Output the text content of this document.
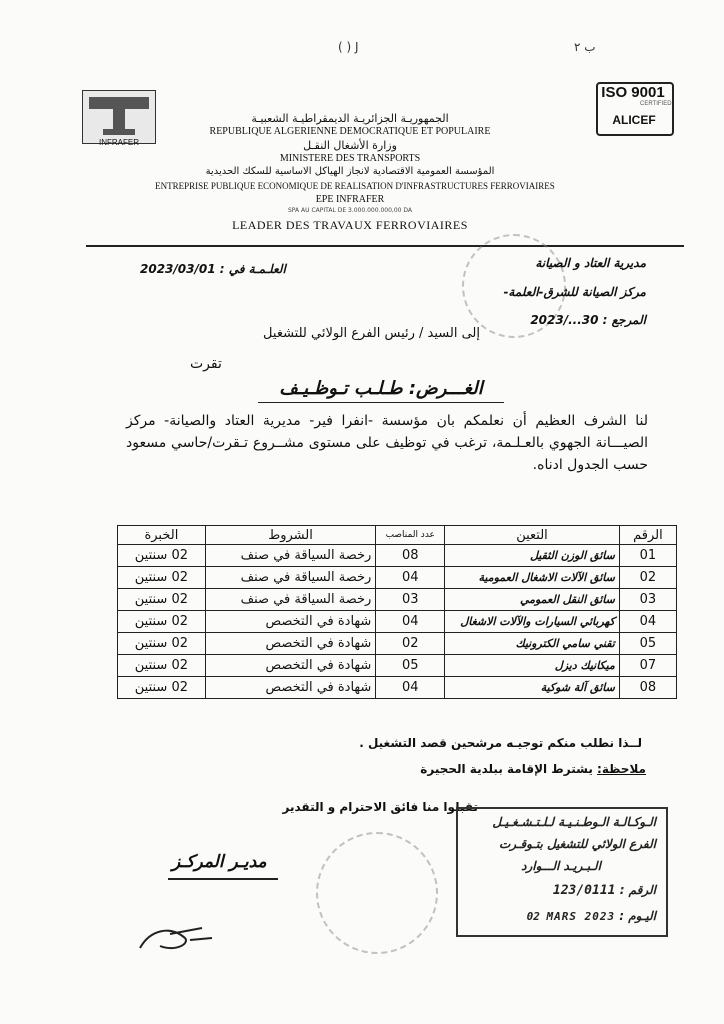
( ) J	ب ۲
INFRAFER
ISO 9001
CERTIFIED
ALICEF
الجمهوريـة الجزائريـة الديمقراطيـة الشعبيـة
REPUBLIQUE ALGERIENNE DEMOCRATIQUE ET POPULAIRE
وزارة الأشغال النقـل
MINISTERE DES TRANSPORTS
المؤسسة العمومية الاقتصادية لانجاز الهياكل الاساسية للسكك الحديدية
ENTREPRISE PUBLIQUE ECONOMIQUE DE REALISATION D'INFRASTRUCTURES FERROVIAIRES
EPE INFRAFER
SPA AU CAPITAL DE 3.000.000.000,00 DA
LEADER DES TRAVAUX FERROVIAIRES
مديرية العتاد و الصيانة
مركز الصيانة للشرق-العلمة-
المرجع : 2023/...30
العلـمـة في : 2023/03/01
إلى السيد / رئيس الفرع الولائي للتشغيل
تقرت
الغـــرض: طـلـب تـوظـيـف
لنا الشرف العظيم أن نعلمكم بان مؤسسة -انفرا فير- مديرية العتاد والصيانة- مركز الصيـــانة الجهوي بالعـلـمة، ترغب في توظيف على مستوى مشــروع تـقرت/حاسي مسعود حسب الجدول ادناه.
الرقم	التعين	عدد المناصب	الشروط	الخبرة
01	سائق الوزن الثقيل	08	رخصة السياقة في صنف	02 سنتين
02	سائق الآلات الاشغال العمومية	04	رخصة السياقة في صنف	02 سنتين
03	سائق النقل العمومي	03	رخصة السياقة في صنف	02 سنتين
04	كهربائي السيارات والآلات الاشغال	04	شهادة في التخصص	02 سنتين
05	تقني سامي الكترونيك	02	شهادة في التخصص	02 سنتين
07	ميكانيك ديزل	05	شهادة في التخصص	02 سنتين
08	سائق آلة شوكية	04	شهادة في التخصص	02 سنتين
لــذا نطلب منكم توجيـه مرشحين قصد التشغيل .
ملاحظة: يشترط الإقامة ببلدية الحجيرة
تقبلوا منا فائق الاحترام و التقدير
الـوكـالـة الـوطـنـيـة لـلـتـشـغـيـل
الفرع الولائي للتشغيل بتـوقـرت
الـبـريـد الـــوارد
الرقم : 123/0111
اليـوم : 02 MARS 2023
مديـر المركـز
